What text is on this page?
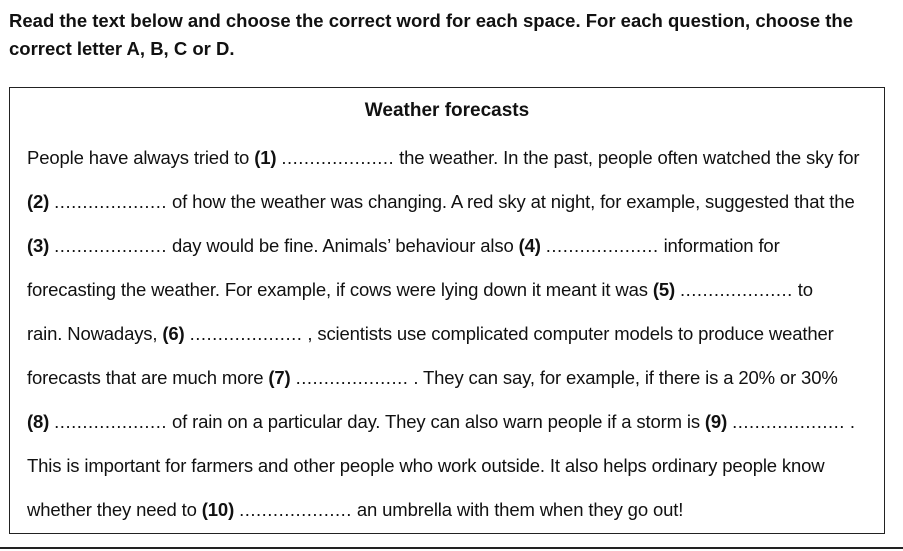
Read the text below and choose the correct word for each space. For each question, choose the correct letter A, B, C or D.

Weather forecasts

People have always tried to (1) .................... the weather. In the past, people often watched the sky for
(2) .................... of how the weather was changing. A red sky at night, for example, suggested that the
(3) .................... day would be fine. Animals’ behaviour also (4) .................... information for
forecasting the weather. For example, if cows were lying down it meant it was (5) .................... to
rain. Nowadays, (6) .................... , scientists use complicated computer models to produce weather
forecasts that are much more (7) .................... . They can say, for example, if there is a 20% or 30%
(8) .................... of rain on a particular day. They can also warn people if a storm is (9) .................... .
This is important for farmers and other people who work outside. It also helps ordinary people know
whether they need to (10) .................... an umbrella with them when they go out!
